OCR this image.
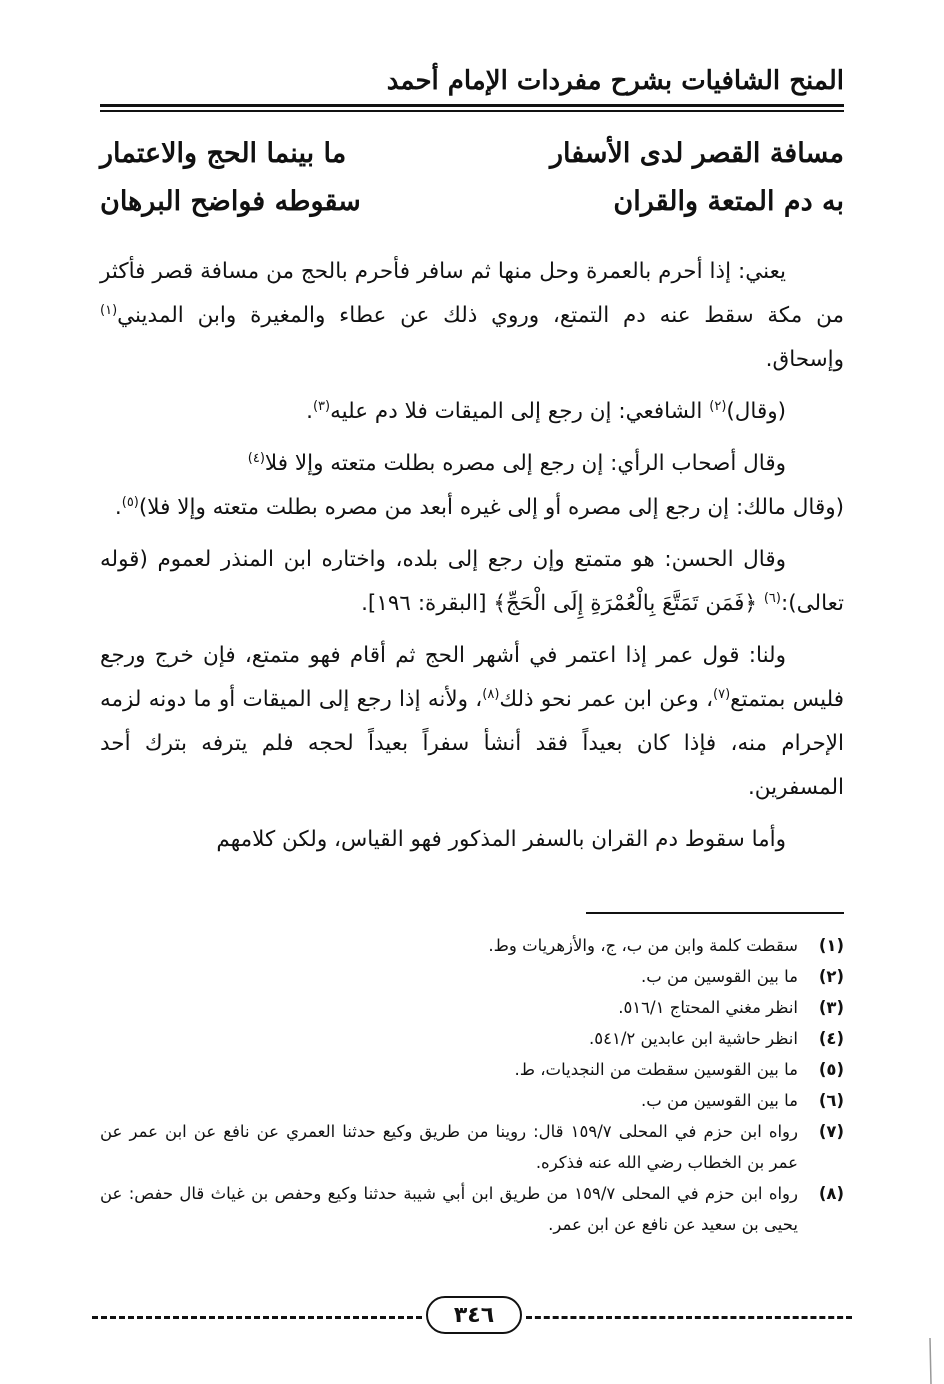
المنح الشافيات بشرح مفردات الإمام أحمد
مسافة القصر لدى الأسفار
ما بينما الحج والاعتمار
به دم المتعة والقران
سقوطه فواضح البرهان

يعني: إذا أحرم بالعمرة وحل منها ثم سافر فأحرم بالحج من مسافة قصر فأكثر من مكة سقط عنه دم التمتع، وروي ذلك عن عطاء والمغيرة وابن المديني$^{(١)}$ وإسحاق.

(وقال)$^{(٢)}$ الشافعي: إن رجع إلى الميقات فلا دم عليه$^{(٣)}$.

وقال أصحاب الرأي: إن رجع إلى مصره بطلت متعته وإلا فلا$^{(٤)}$

(وقال مالك: إن رجع إلى مصره أو إلى غيره أبعد من مصره بطلت متعته وإلا فلا)$^{(٥)}$.

وقال الحسن: هو متمتع وإن رجع إلى بلده، واختاره ابن المنذر لعموم (قوله تعالى):$^{(٦)}$ ﴿فَمَن تَمَتَّعَ بِالْعُمْرَةِ إِلَى الْحَجِّ﴾ [البقرة: ١٩٦].

ولنا: قول عمر إذا اعتمر في أشهر الحج ثم أقام فهو متمتع، فإن خرج ورجع فليس بمتمتع$^{(٧)}$، وعن ابن عمر نحو ذلك$^{(٨)}$، ولأنه إذا رجع إلى الميقات أو ما دونه لزمه الإحرام منه، فإذا كان بعيداً فقد أنشأ سفراً بعيداً لحجه فلم يترفه بترك أحد المسفرين.

وأما سقوط دم القران بالسفر المذكور فهو القياس، ولكن كلامهم

(١)
سقطت كلمة وابن من ب، ج، والأزهريات وط.
(٢)
ما بين القوسين من ب.
(٣)
انظر مغني المحتاج ٥١٦/١.
(٤)
انظر حاشية ابن عابدين ٥٤١/٢.
(٥)
ما بين القوسين سقطت من النجديات، ط.
(٦)
ما بين القوسين من ب.
(٧)
رواه ابن حزم في المحلى ١٥٩/٧ قال: روينا من طريق وكيع حدثنا العمري عن نافع عن ابن عمر عن عمر بن الخطاب رضي الله عنه فذكره.
(٨)
رواه ابن حزم في المحلى ١٥٩/٧ من طريق ابن أبي شيبة حدثنا وكيع وحفص بن غياث قال حفص: عن يحيى بن سعيد عن نافع عن ابن عمر.
٣٤٦
